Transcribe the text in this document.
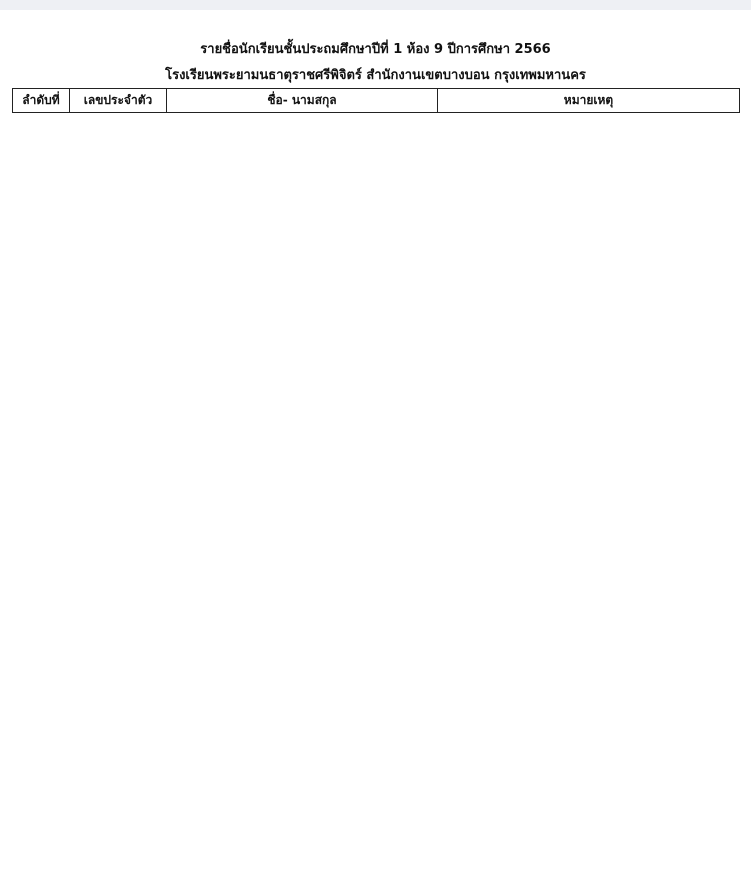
รายชื่อนักเรียนชั้นประถมศึกษาปีที่ 1 ห้อง 9 ปีการศึกษา 2566
โรงเรียนพระยามนธาตุราชศรีพิจิตร์ สำนักงานเขตบางบอน กรุงเทพมหานคร
ลำดับที่	เลขประจำตัว	ชื่อ- นามสกุล	หมายเหตุ
